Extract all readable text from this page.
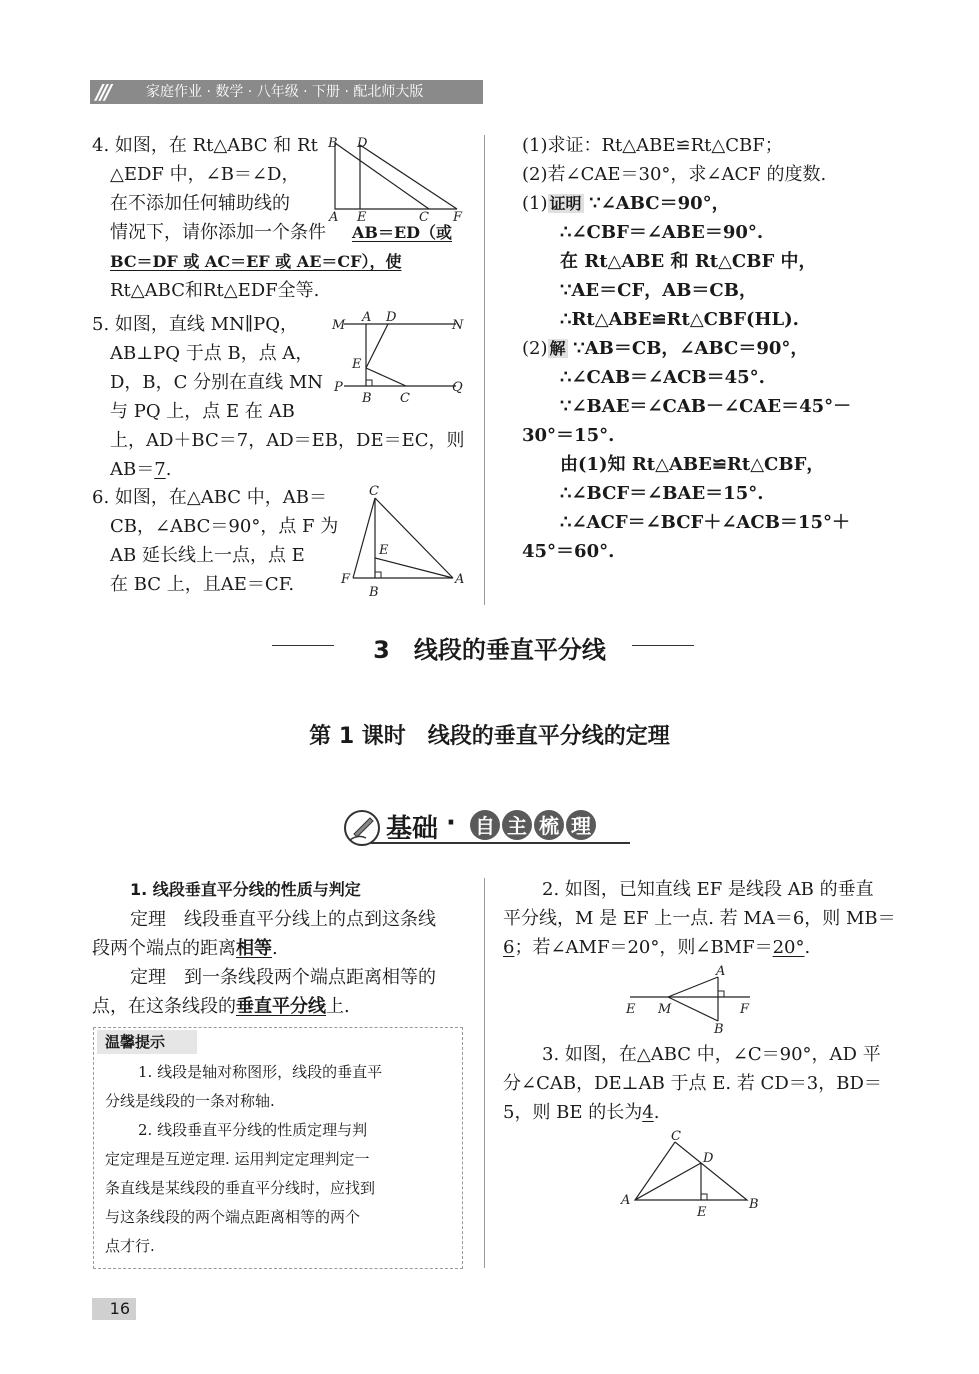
///	家庭作业 · 数学 · 八年级 · 下册 · 配北师大版
4. 如图，在 Rt△ABC 和 Rt
△EDF 中，∠B＝∠D，
在不添加任何辅助线的
情况下，请你添加一个条件 AB＝ED（或
BC＝DF 或 AC＝EF 或 AE＝CF），使
Rt△ABC和Rt△EDF全等.
B D
A E	C F
5. 如图，直线 MN∥PQ，
AB⊥PQ 于点 B，点 A，
D，B，C 分别在直线 MN
与 PQ 上，点 E 在 AB
上，AD＋BC＝7，AD＝EB，DE＝EC，则
AB＝7.
M
A D
N
E
P
B C
Q
6. 如图，在△ABC 中，AB＝
CB，∠ABC＝90°，点 F 为
AB 延长线上一点，点 E
在 BC 上，且AE＝CF.
C
E
F
B
A
(1)求证：Rt△ABE≌Rt△CBF；
(2)若∠CAE＝30°，求∠ACF 的度数.
(1) 证明 ∵∠ABC＝90°，
∴∠CBF＝∠ABE＝90°.
在 Rt△ABE 和 Rt△CBF 中，
∵AE＝CF，AB＝CB，
∴Rt△ABE≌Rt△CBF(HL).
(2) 解 ∵AB＝CB，∠ABC＝90°，
∴∠CAB＝∠ACB＝45°.
∵∠BAE＝∠CAB－∠CAE＝45°－
30°＝15°.
由(1)知 Rt△ABE≌Rt△CBF，
∴∠BCF＝∠BAE＝15°.
∴∠ACF＝∠BCF＋∠ACB＝15°＋
45°＝60°.
3　线段的垂直平分线
第 1 课时　线段的垂直平分线的定理
基础 · 自 主 梳 理
1. 线段垂直平分线的性质与判定
定理　线段垂直平分线上的点到这条线
段两个端点的距离相等.
定理　到一条线段两个端点距离相等的
点，在这条线段的垂直平分线上.
温馨提示
1. 线段是轴对称图形，线段的垂直平
分线是线段的一条对称轴.
2. 线段垂直平分线的性质定理与判
定定理是互逆定理. 运用判定定理判定一
条直线是某线段的垂直平分线时，应找到
与这条线段的两个端点距离相等的两个
点才行.
2. 如图，已知直线 EF 是线段 AB 的垂直
平分线，M 是 EF 上一点. 若 MA＝6，则 MB＝
6；若∠AMF＝20°，则∠BMF＝20°.
A
E M	F
B
3. 如图，在△ABC 中，∠C＝90°，AD 平
分∠CAB，DE⊥AB 于点 E. 若 CD＝3，BD＝
5，则 BE 的长为4.
C
D
A
E
B
16
